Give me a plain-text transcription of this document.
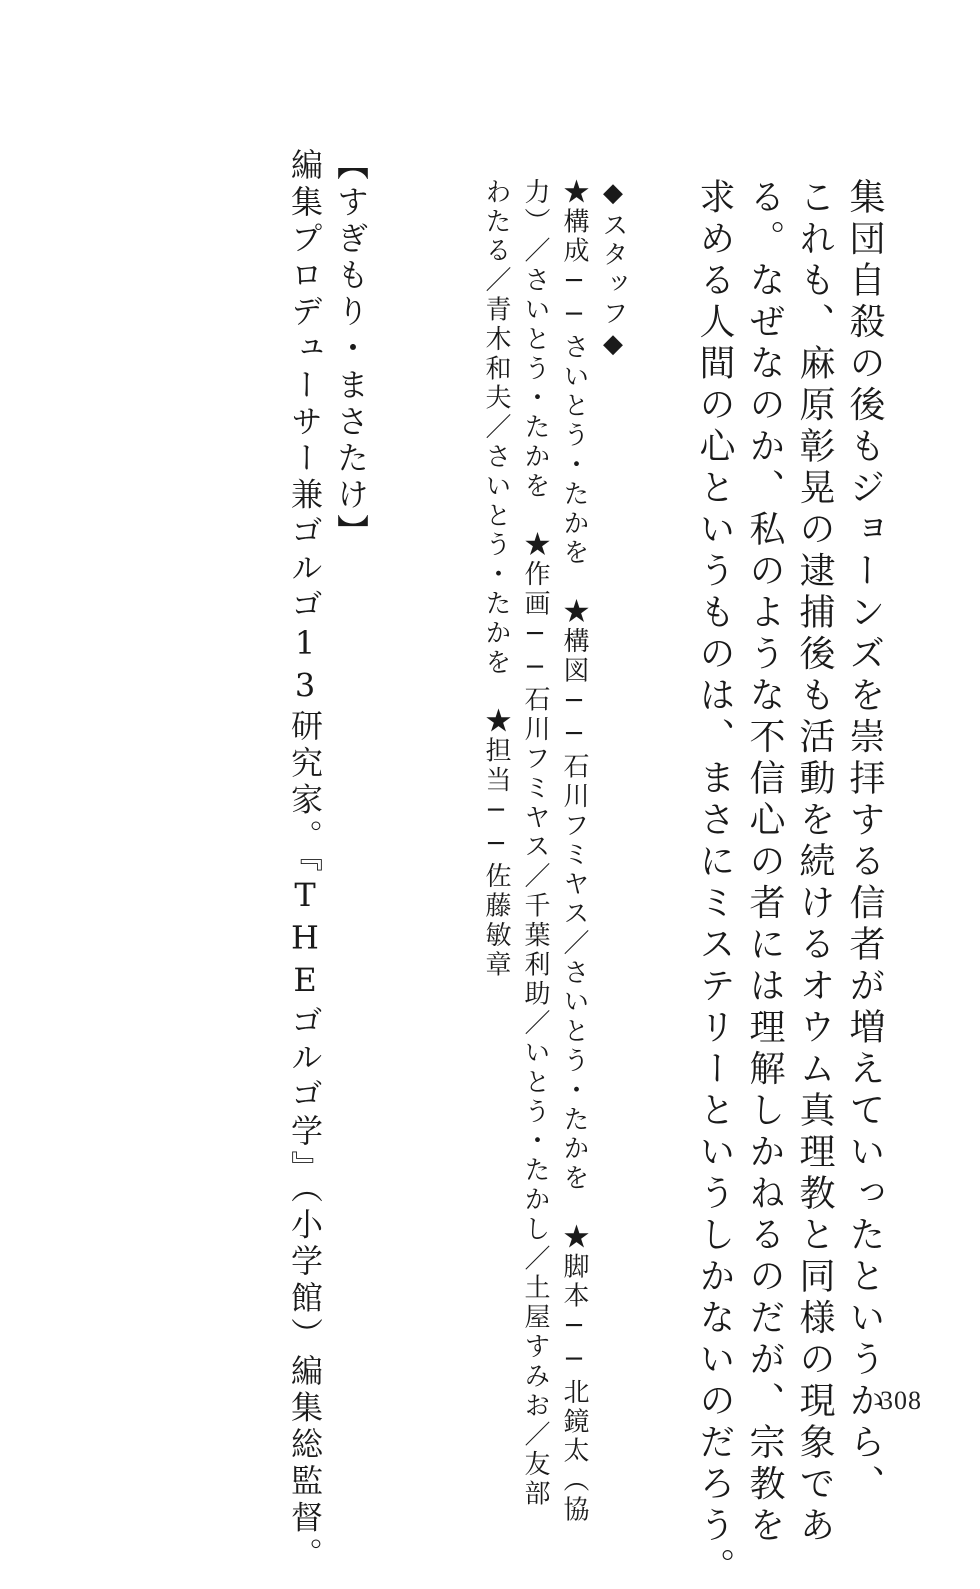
集団自殺の後もジョーンズを崇拝する信者が増えていったというから、

これも、麻原彰晃の逮捕後も活動を続けるオウム真理教と同様の現象であ

る。なぜなのか、私のような不信心の者には理解しかねるのだが、宗教を

求める人間の心というものは、まさにミステリーというしかないのだろう。

◆スタッフ◆

★構成──さいとう・たかを　★構図──石川フミヤス／さいとう・たかを　★脚本──北鏡太（協

力）／さいとう・たかを　★作画──石川フミヤス／千葉利助／いとう・たかし／土屋すみお／友部

わたる／青木和夫／さいとう・たかを　★担当──佐藤敏章

【すぎもり・まさたけ】

編集プロデューサー兼ゴルゴ13研究家。『THEゴルゴ学』（小学館）編集総監督。	308
